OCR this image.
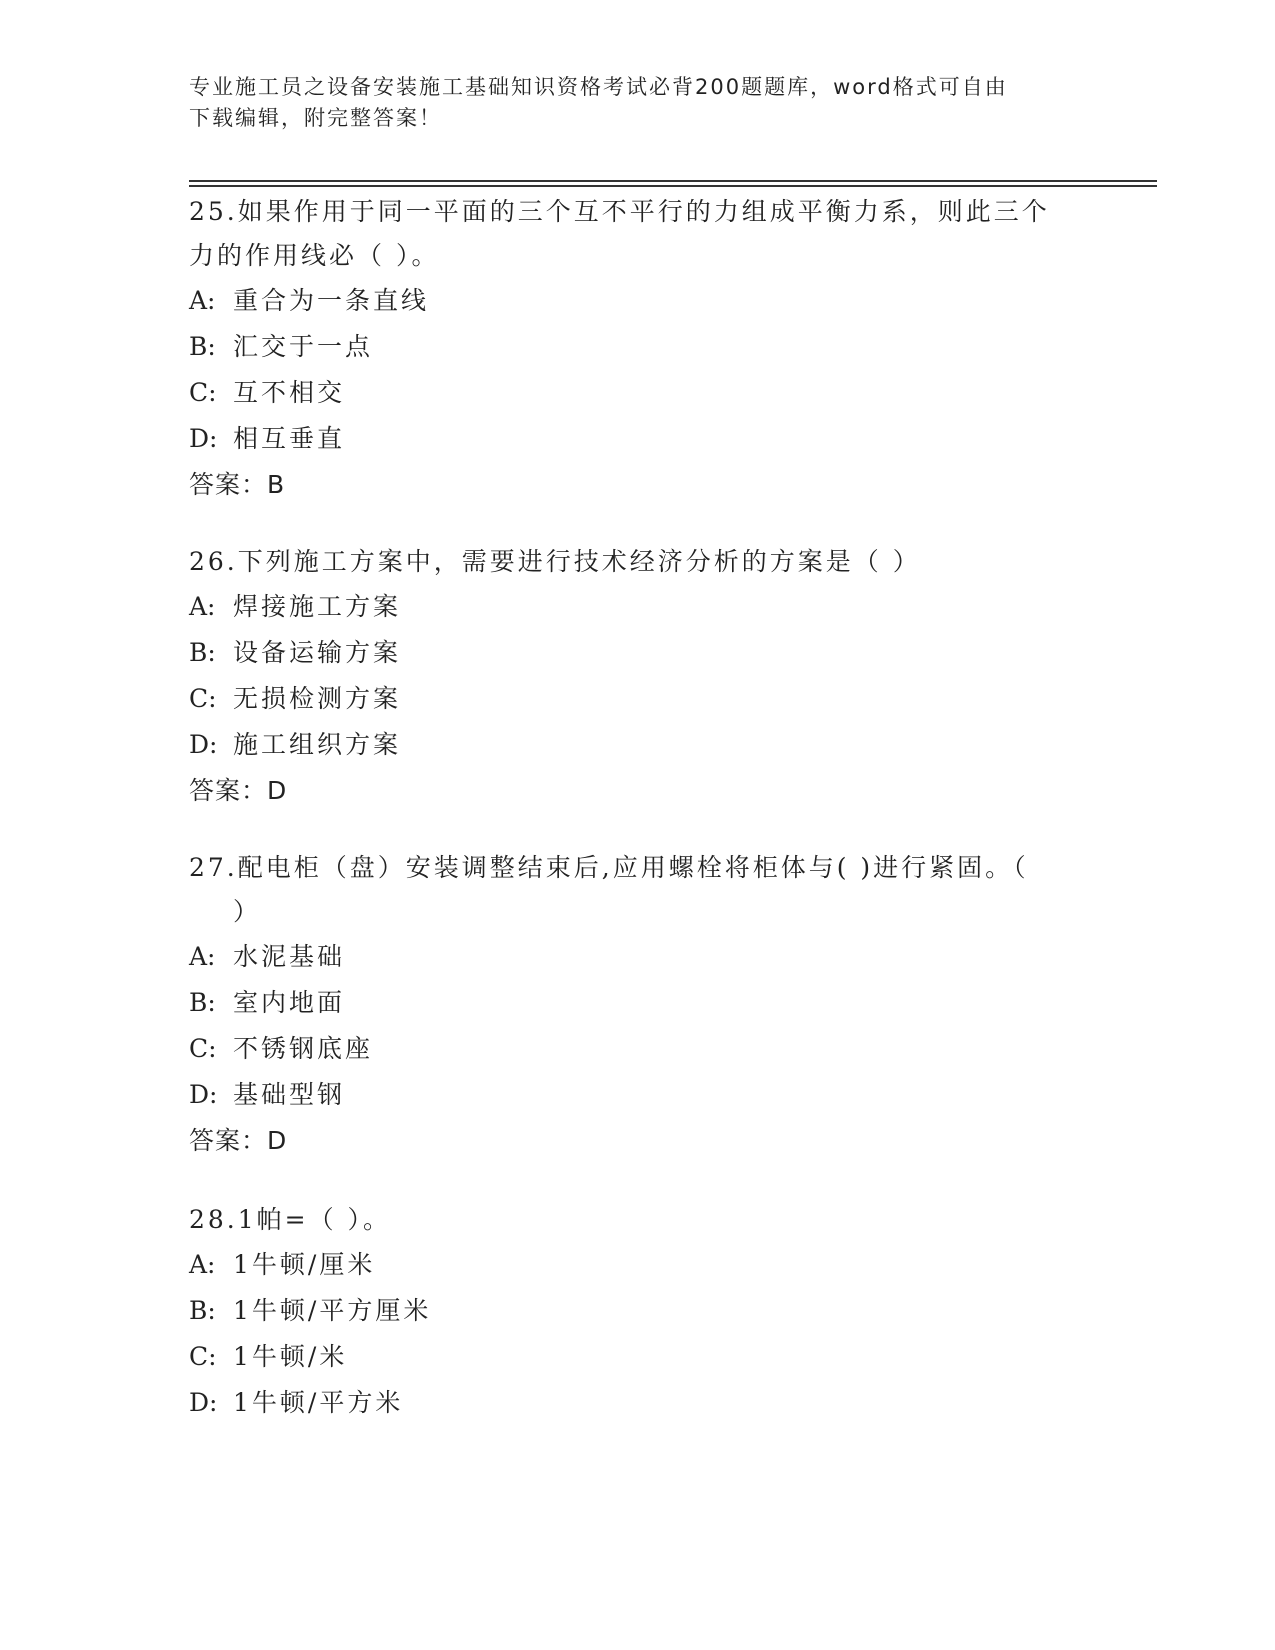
专业施工员之设备安装施工基础知识资格考试必背200题题库，word格式可自由

下载编辑，附完整答案！

25.如果作用于同一平面的三个互不平行的力组成平衡力系，则此三个

力的作用线必（ ）。

A: 重合为一条直线

B: 汇交于一点

C: 互不相交

D: 相互垂直

答案：B

26.下列施工方案中，需要进行技术经济分析的方案是（ ）

A: 焊接施工方案

B: 设备运输方案

C: 无损检测方案

D: 施工组织方案

答案：D

27.配电柜（盘）安装调整结束后,应用螺栓将柜体与( )进行紧固。（

）

A: 水泥基础

B: 室内地面

C: 不锈钢底座

D: 基础型钢

答案：D

28.1帕=（ ）。

A: 1牛顿/厘米

B: 1牛顿/平方厘米

C: 1牛顿/米

D: 1牛顿/平方米
